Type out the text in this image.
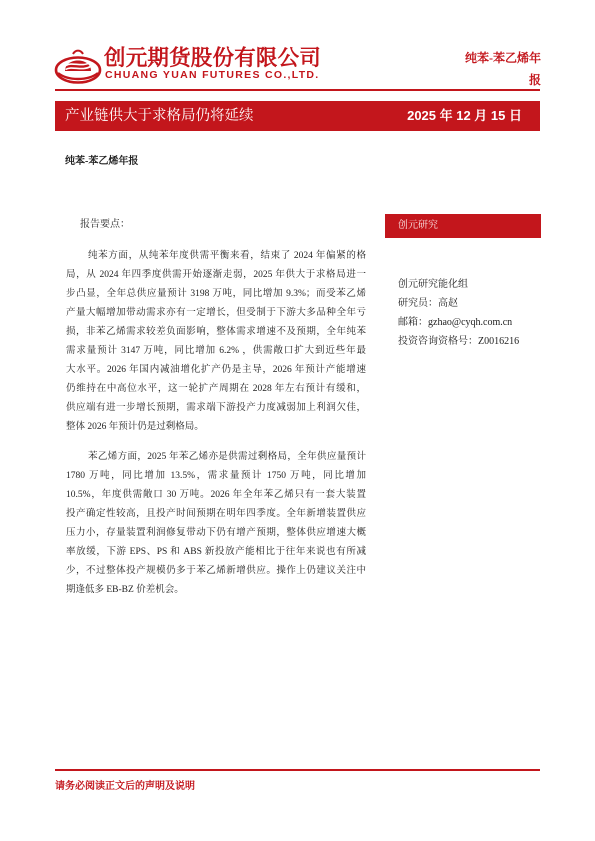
创元期货股份有限公司
CHUANG YUAN FUTURES CO.,LTD.
纯苯-苯乙烯年报
产业链供大于求格局仍将延续	2025 年 12 月 15 日
纯苯-苯乙烯年报
报告要点：
纯苯方面，从纯苯年度供需平衡来看，结束了 2024 年偏紧的格
局，从 2024 年四季度供需开始逐渐走弱，2025 年供大于求格局进一
步凸显，全年总供应量预计 3198 万吨，同比增加 9.3%；而受苯乙烯
产量大幅增加带动需求亦有一定增长，但受制于下游大多品种全年亏
损，非苯乙烯需求较差负面影响，整体需求增速不及预期，全年纯苯
需求量预计 3147 万吨，同比增加 6.2% ，供需敞口扩大到近些年最
大水平。2026 年国内减油增化扩产仍是主导，2026 年预计产能增速
仍维持在中高位水平，这一轮扩产周期在 2028 年左右预计有缓和，
供应端有进一步增长预期，需求端下游投产力度减弱加上利润欠佳，
整体 2026 年预计仍是过剩格局。
苯乙烯方面，2025 年苯乙烯亦是供需过剩格局，全年供应量预计
1780 万吨，同比增加 13.5%，需求量预计 1750 万吨，同比增加
10.5%，年度供需敞口 30 万吨。2026 年全年苯乙烯只有一套大装置
投产确定性较高，且投产时间预期在明年四季度。全年新增装置供应
压力小，存量装置利润修复带动下仍有增产预期，整体供应增速大概
率放缓，下游 EPS、PS 和 ABS 新投放产能相比于往年来说也有所减
少，不过整体投产规模仍多于苯乙烯新增供应。操作上仍建议关注中
期逢低多 EB-BZ 价差机会。
创元研究
创元研究能化组
研究员：高赵
邮箱：gzhao@cyqh.com.cn
投资咨询资格号：Z0016216
请务必阅读正文后的声明及说明
